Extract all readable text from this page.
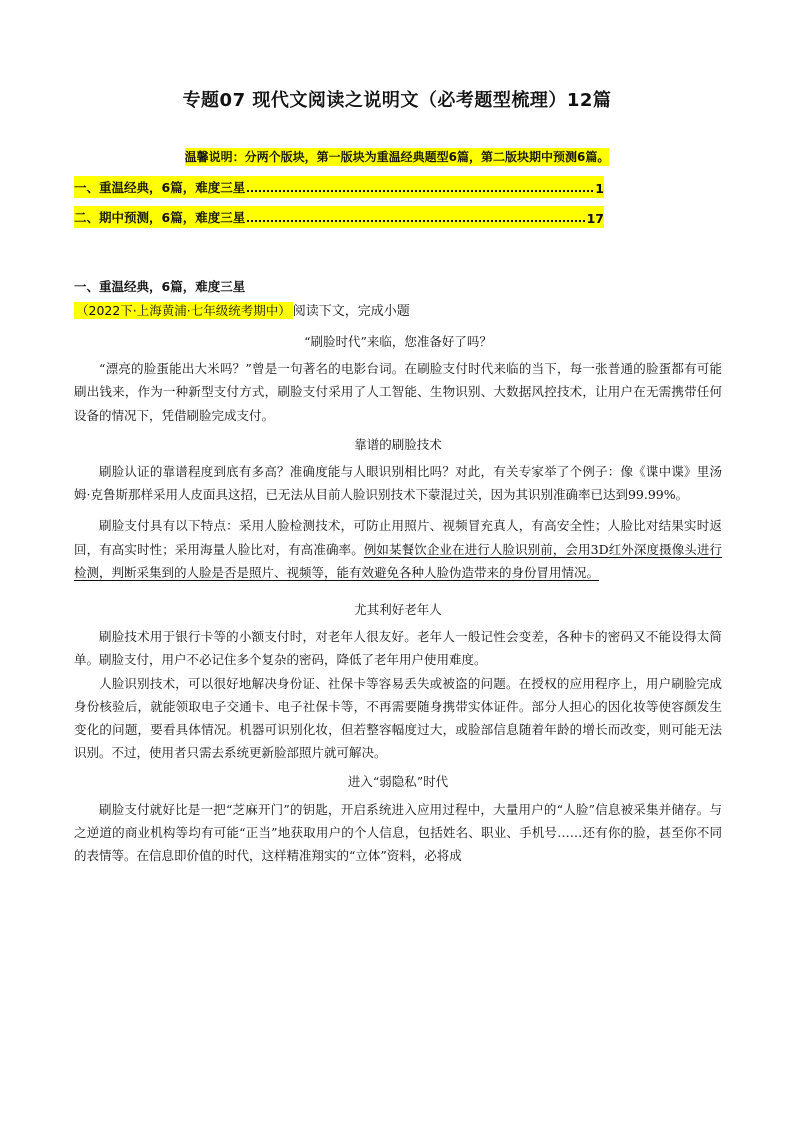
专题07 现代文阅读之说明文（必考题型梳理）12篇
温馨说明：分两个版块，第一版块为重温经典题型6篇，第二版块期中预测6篇。
一、重温经典，6篇，难度三星	1
二、期中预测，6篇，难度三星	17
一、重温经典，6篇，难度三星
（2022下·上海黄浦·七年级统考期中） 阅读下文，完成小题

“刷脸时代”来临，您准备好了吗？

“漂亮的脸蛋能出大米吗？”曾是一句著名的电影台词。在刷脸支付时代来临的当下，每一张普通的脸蛋都有可能刷出钱来，作为一种新型支付方式，刷脸支付采用了人工智能、生物识别、大数据风控技术，让用户在无需携带任何设备的情况下，凭借刷脸完成支付。

靠谱的刷脸技术

刷脸认证的靠谱程度到底有多高？准确度能与人眼识别相比吗？对此，有关专家举了个例子：像《谍中谍》里汤姆·克鲁斯那样采用人皮面具这招，已无法从目前人脸识别技术下蒙混过关，因为其识别准确率已达到99.99%。

刷脸支付具有以下特点：采用人脸检测技术，可防止用照片、视频冒充真人，有高安全性；人脸比对结果实时返回，有高实时性；采用海量人脸比对，有高准确率。例如某餐饮企业在进行人脸识别前，会用3D红外深度摄像头进行检测，判断采集到的人脸是否是照片、视频等，能有效避免各种人脸伪造带来的身份冒用情况。

尤其利好老年人

刷脸技术用于银行卡等的小额支付时，对老年人很友好。老年人一般记性会变差，各种卡的密码又不能设得太简单。刷脸支付，用户不必记住多个复杂的密码，降低了老年用户使用难度。

人脸识别技术，可以很好地解决身份证、社保卡等容易丢失或被盗的问题。在授权的应用程序上，用户刷脸完成身份核验后，就能领取电子交通卡、电子社保卡等，不再需要随身携带实体证件。部分人担心的因化妆等使容颜发生变化的问题，要看具体情况。机器可识别化妆，但若整容幅度过大，或脸部信息随着年龄的增长而改变，则可能无法识别。不过，使用者只需去系统更新脸部照片就可解决。

进入“弱隐私”时代

刷脸支付就好比是一把“芝麻开门”的钥匙，开启系统进入应用过程中，大量用户的“人脸”信息被采集并储存。与之逆道的商业机构等均有可能“正当”地获取用户的个人信息，包括姓名、职业、手机号……还有你的脸，甚至你不同的表情等。在信息即价值的时代，这样精准翔实的“立体”资料，必将成
